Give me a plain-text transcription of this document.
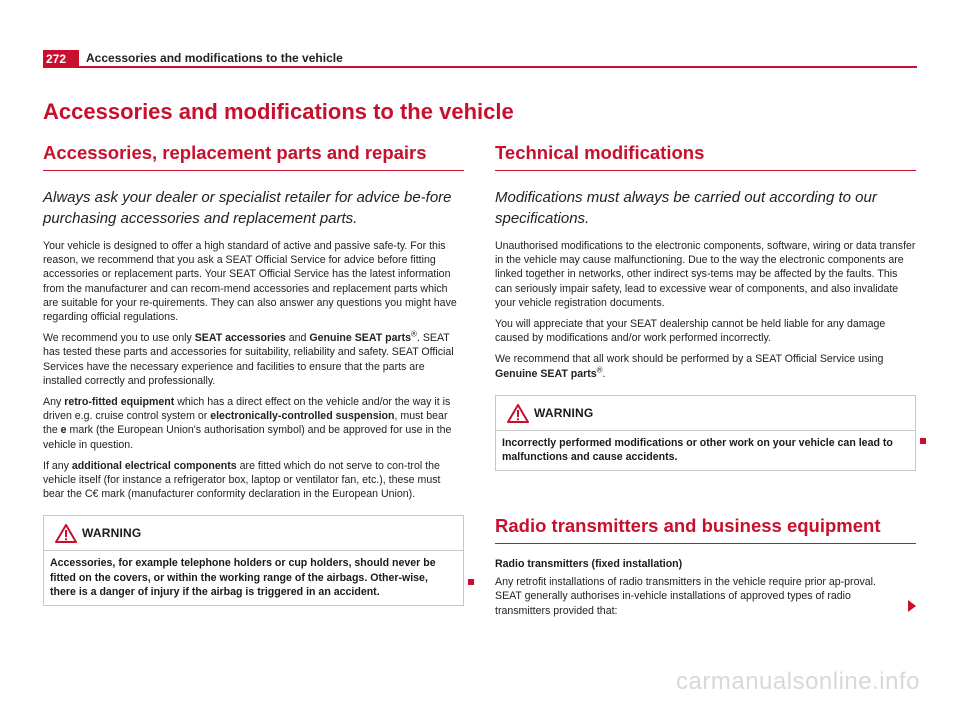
272	Accessories and modifications to the vehicle
Accessories and modifications to the vehicle
Accessories, replacement parts and repairs

Always ask your dealer or specialist retailer for advice be-fore purchasing accessories and replacement parts.

Your vehicle is designed to offer a high standard of active and passive safe-ty. For this reason, we recommend that you ask a SEAT Official Service for advice before fitting accessories or replacement parts. Your SEAT Official Service has the latest information from the manufacturer and can recom-mend accessories and replacement parts which are suitable for your re-quirements. They can also answer any questions you might have regarding official regulations.

We recommend you to use only SEAT accessories and Genuine SEAT parts®. SEAT has tested these parts and accessories for suitability, reliability and safety. SEAT Official Services have the necessary experience and facilities to ensure that the parts are installed correctly and professionally.

Any retro-fitted equipment which has a direct effect on the vehicle and/or the way it is driven e.g. cruise control system or electronically-controlled suspension, must bear the e mark (the European Union's authorisation symbol) and be approved for use in the vehicle in question.

If any additional electrical components are fitted which do not serve to con-trol the vehicle itself (for instance a refrigerator box, laptop or ventilator fan, etc.), these must bear the C€ mark (manufacturer conformity declaration in the European Union).

WARNING
Accessories, for example telephone holders or cup holders, should never be fitted on the covers, or within the working range of the airbags. Other-wise, there is a danger of injury if the airbag is triggered in an accident.
Technical modifications

Modifications must always be carried out according to our specifications.

Unauthorised modifications to the electronic components, software, wiring or data transfer in the vehicle may cause malfunctioning. Due to the way the electronic components are linked together in networks, other indirect sys-tems may be affected by the faults. This can seriously impair safety, lead to excessive wear of components, and also invalidate your vehicle registration documents.

You will appreciate that your SEAT dealership cannot be held liable for any damage caused by modifications and/or work performed incorrectly.

We recommend that all work should be performed by a SEAT Official Service using Genuine SEAT parts®.

WARNING
Incorrectly performed modifications or other work on your vehicle can lead to malfunctions and cause accidents.
Radio transmitters and business equipment
Radio transmitters (fixed installation)

Any retrofit installations of radio transmitters in the vehicle require prior ap-proval. SEAT generally authorises in-vehicle installations of approved types of radio transmitters provided that:

carmanualsonline.info
